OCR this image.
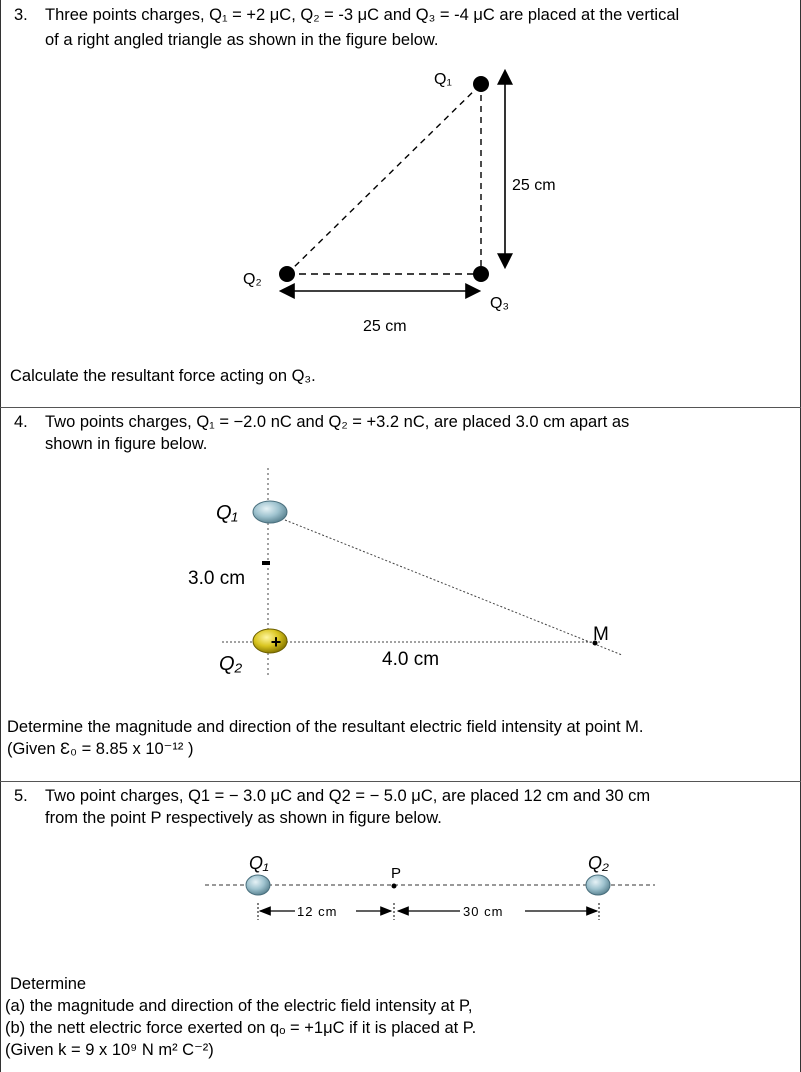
3. Three points charges, Q₁ = +2 μC, Q₂ = -3 μC and Q₃ = -4 μC are placed at the vertical
of a right angled triangle as shown in the figure below.
Q₁
Q₂
Q₃
25 cm
25 cm
Calculate the resultant force acting on Q₃.
4. Two points charges, Q₁ = −2.0 nC and Q₂ = +3.2 nC, are placed 3.0 cm apart as
shown in figure below.
+
Q₁
Q₂
3.0 cm
4.0 cm
M
Determine the magnitude and direction of the resultant electric field intensity at point M.
(Given Ɛ₀ = 8.85 x 10⁻¹² )
5. Two point charges, Q1 = − 3.0 μC and Q2 = − 5.0 μC, are placed 12 cm and 30 cm
from the point P respectively as shown in figure below.
Q₁	Q₂
P
12 cm	30 cm
Determine
(a) the magnitude and direction of the electric field intensity at P,
(b) the nett electric force exerted on qₒ = +1μC if it is placed at P.
(Given k = 9 x 10⁹ N m² C⁻²)
